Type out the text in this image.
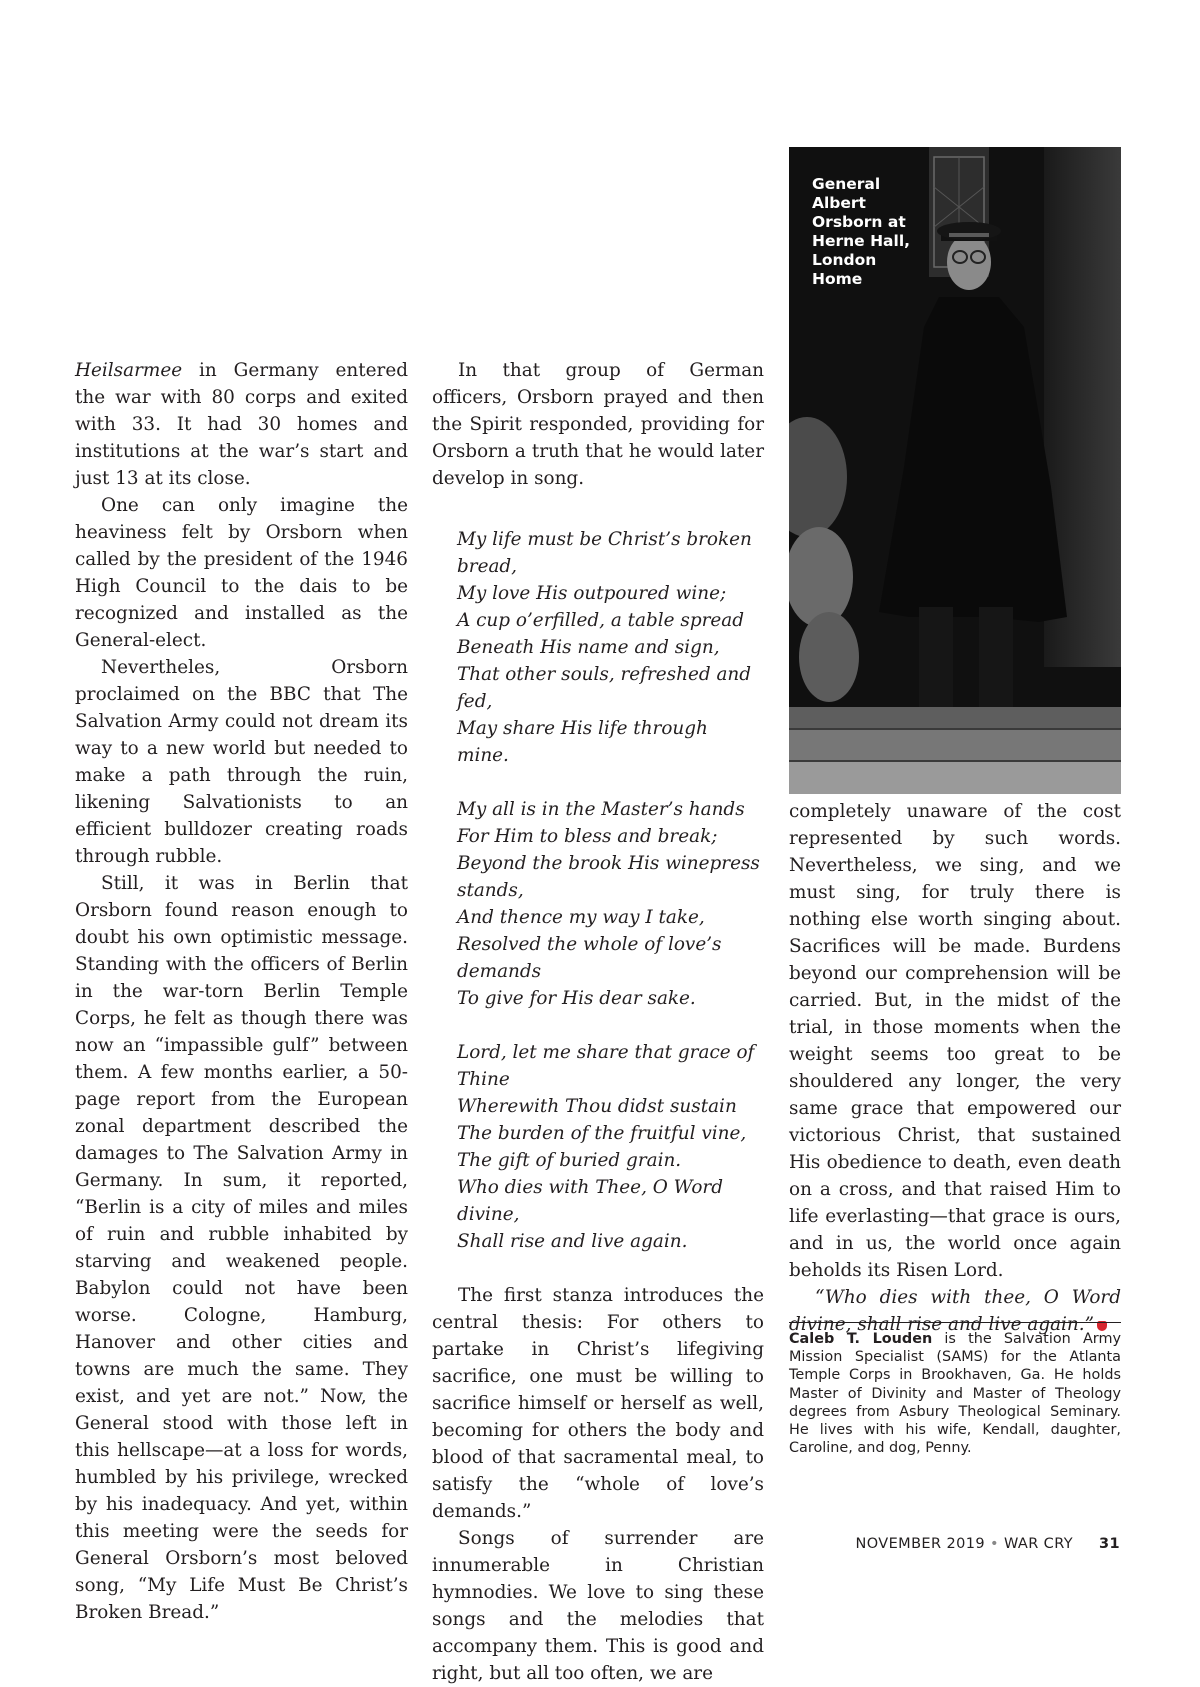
General
Albert
Orsborn at
Herne Hall,
London
Home

Heilsarmee in Germany entered the war with 80 corps and exited with 33. It had 30 homes and institutions at the war’s start and just 13 at its close.

One can only imagine the heaviness felt by Orsborn when called by the president of the 1946 High Council to the dais to be recognized and installed as the General-elect.

Nevertheles, Orsborn proclaimed on the BBC that The Salvation Army could not dream its way to a new world but needed to make a path through the ruin, likening Salvationists to an efficient bulldozer creating roads through rubble.

Still, it was in Berlin that Orsborn found reason enough to doubt his own optimistic message. Standing with the officers of Berlin in the war-torn Berlin Temple Corps, he felt as though there was now an “impassible gulf” between them. A few months earlier, a 50-page report from the European zonal department described the damages to The Salvation Army in Germany. In sum, it reported, “Berlin is a city of miles and miles of ruin and rubble inhabited by starving and weakened people. Babylon could not have been worse. Cologne, Hamburg, Hanover and other cities and towns are much the same. They exist, and yet are not.” Now, the General stood with those left in this hellscape—at a loss for words, humbled by his privilege, wrecked by his inadequacy. And yet, within this meeting were the seeds for General Orsborn’s most beloved song, “My Life Must Be Christ’s Broken Bread.”

In that group of German officers, Orsborn prayed and then the Spirit responded, providing for Orsborn a truth that he would later develop in song.

My life must be Christ’s broken bread,
My love His outpoured wine;
A cup o’erfilled, a table spread
Beneath His name and sign,
That other souls, refreshed and fed,
May share His life through mine.
My all is in the Master’s hands
For Him to bless and break;
Beyond the brook His winepress stands,
And thence my way I take,
Resolved the whole of love’s demands
To give for His dear sake.
Lord, let me share that grace of Thine
Wherewith Thou didst sustain
The burden of the fruitful vine,
The gift of buried grain.
Who dies with Thee, O Word divine,
Shall rise and live again.

The first stanza introduces the central thesis: For others to partake in Christ’s lifegiving sacrifice, one must be willing to sacrifice himself or herself as well, becoming for others the body and blood of that sacramental meal, to satisfy the “whole of love’s demands.”

Songs of surrender are innumerable in Christian hymnodies. We love to sing these songs and the melodies that accompany them. This is good and right, but all too often, we are

completely unaware of the cost represented by such words. Nevertheless, we sing, and we must sing, for truly there is nothing else worth singing about. Sacrifices will be made. Burdens beyond our comprehension will be carried. But, in the midst of the trial, in those moments when the weight seems too great to be shouldered any longer, the very same grace that empowered our victorious Christ, that sustained His obedience to death, even death on a cross, and that raised Him to life everlasting—that grace is ours, and in us, the world once again beholds its Risen Lord.

“Who dies with thee, O Word divine, shall rise and live again.”

Caleb T. Louden is the Salvation Army Mission Specialist (SAMS) for the Atlanta Temple Corps in Brookhaven, Ga. He holds Master of Divinity and Master of Theology degrees from Asbury Theological Seminary. He lives with his wife, Kendall, daughter, Caroline, and dog, Penny.

NOVEMBER 2019 • WAR CRY 31
